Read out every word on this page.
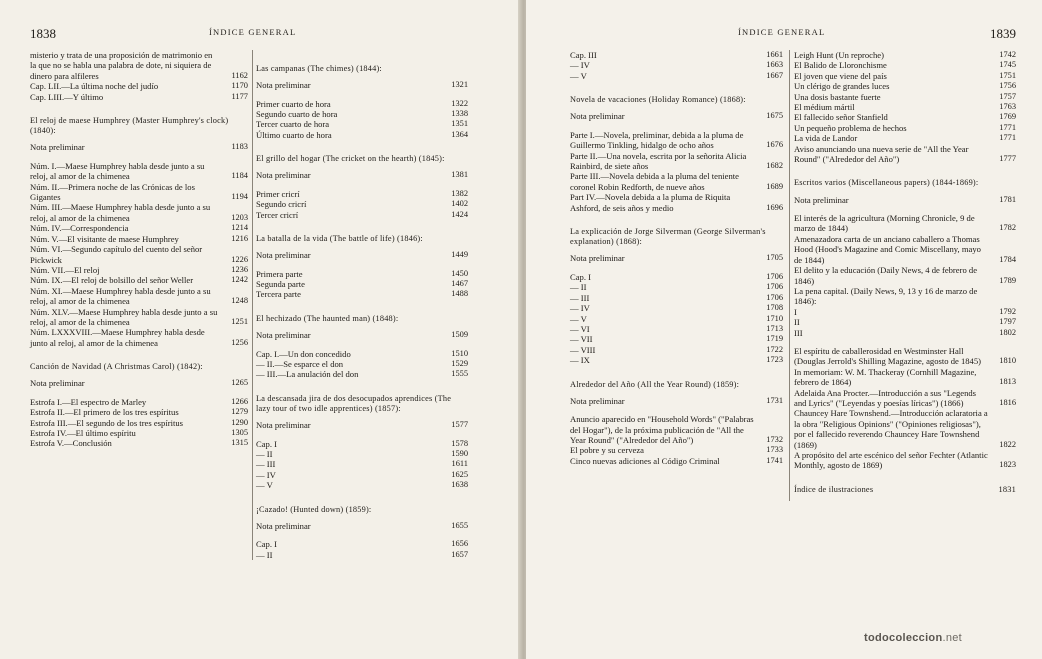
1838	ÍNDICE GENERAL
misterio y trata de una proposición de matrimonio en la que no se habla una palabra de dote, ni siquiera de dinero para alfileres	1162
Cap. LII.—La última noche del judío	1170
Cap. LIII.—Y último	1177
El reloj de maese Humphrey (Master Humphrey's clock) (1840):
Nota preliminar	1183
Núm. I.—Maese Humphrey habla desde junto a su reloj, al amor de la chimenea	1184
Núm. II.—Primera noche de las Crónicas de los Gigantes	1194
Núm. III.—Maese Humphrey habla desde junto a su reloj, al amor de la chimenea	1203
Núm. IV.—Correspondencia	1214
Núm. V.—El visitante de maese Humphrey	1216
Núm. VI.—Segundo capítulo del cuento del señor Pickwick	1226
Núm. VII.—El reloj	1236
Núm. IX.—El reloj de bolsillo del señor Weller	1242
Núm. XI.—Maese Humphrey habla desde junto a su reloj, al amor de la chimenea	1248
Núm. XLV.—Maese Humphrey habla desde junto a su reloj, al amor de la chimenea	1251
Núm. LXXXVIII.—Maese Humphrey habla desde junto al reloj, al amor de la chimenea	1256
Canción de Navidad (A Christmas Carol) (1842):
Nota preliminar	1265
Estrofa I.—El espectro de Marley	1266
Estrofa II.—El primero de los tres espíritus	1279
Estrofa III.—El segundo de los tres espíritus	1290
Estrofa IV.—El último espíritu	1305
Estrofa V.—Conclusión	1315
Las campanas (The chimes) (1844):
Nota preliminar	1321
Primer cuarto de hora	1322
Segundo cuarto de hora	1338
Tercer cuarto de hora	1351
Último cuarto de hora	1364
El grillo del hogar (The cricket on the hearth) (1845):
Nota preliminar	1381
Primer cricrí	1382
Segundo cricrí	1402
Tercer cricrí	1424
La batalla de la vida (The battle of life) (1846):
Nota preliminar	1449
Primera parte	1450
Segunda parte	1467
Tercera parte	1488
El hechizado (The haunted man) (1848):
Nota preliminar	1509
Cap. I.—Un don concedido	1510
— II.—Se esparce el don	1529
— III.—La anulación del don	1555
La descansada jira de dos desocupados aprendices (The lazy tour of two idle apprentices) (1857):
Nota preliminar	1577
Cap. I	1578
— II	1590
— III	1611
— IV	1625
— V	1638
¡Cazado! (Hunted down) (1859):
Nota preliminar	1655
Cap. I	1656
— II	1657
1839
ÍNDICE GENERAL
Cap. III	1661
— IV	1663
— V	1667
Novela de vacaciones (Holiday Romance) (1868):
Nota preliminar	1675
Parte I.—Novela, preliminar, debida a la pluma de Guillermo Tinkling, hidalgo de ocho años	1676
Parte II.—Una novela, escrita por la señorita Alicia Rainbird, de siete años	1682
Parte III.—Novela debida a la pluma del teniente coronel Robin Redforth, de nueve años	1689
Part IV.—Novela debida a la pluma de Riquita Ashford, de seis años y medio	1696
La explicación de Jorge Silverman (George Silverman's explanation) (1868):
Nota preliminar	1705
Cap. I	1706
— II	1706
— III	1706
— IV	1708
— V	1710
— VI	1713
— VII	1719
— VIII	1722
— IX	1723
Alrededor del Año (All the Year Round) (1859):
Nota preliminar	1731
Anuncio aparecido en "Household Words" ("Palabras del Hogar"), de la próxima publicación de "All the Year Round" ("Alrededor del Año")	1732
El pobre y su cerveza	1733
Cinco nuevas adiciones al Código Criminal	1741
Leigh Hunt (Un reproche)	1742
El Balido de Lloronchisme	1745
El joven que viene del país	1751
Un clérigo de grandes luces	1756
Una dosis bastante fuerte	1757
El médium mártil	1763
El fallecido señor Stanfield	1769
Un pequeño problema de hechos	1771
La vida de Landor	1771
Aviso anunciando una nueva serie de "All the Year Round" ("Alrededor del Año")	1777
Escritos varios (Miscellaneous papers) (1844-1869):
Nota preliminar	1781
El interés de la agricultura (Morning Chronicle, 9 de marzo de 1844)	1782
Amenazadora carta de un anciano caballero a Thomas Hood (Hood's Magazine and Comic Miscellany, mayo de 1844)	1784
El delito y la educación (Daily News, 4 de febrero de 1846)	1789
La pena capital. (Daily News, 9, 13 y 16 de marzo de 1846):
I	1792
II	1797
III	1802
El espíritu de caballerosidad en Westminster Hall (Douglas Jerrold's Shilling Magazine, agosto de 1845)	1810
In memoriam: W. M. Thackeray (Cornhill Magazine, febrero de 1864)	1813
Adelaida Ana Procter.—Introducción a sus "Legends and Lyrics" ("Leyendas y poesías líricas") (1866)	1816
Chauncey Hare Townshend.—Introducción aclaratoria a la obra "Religious Opinions" ("Opiniones religiosas"), por el fallecido reverendo Chauncey Hare Townshend (1869)	1822
A propósito del arte escénico del señor Fechter (Atlantic Monthly, agosto de 1869)	1823
Índice de ilustraciones	1831
todocoleccion.net
